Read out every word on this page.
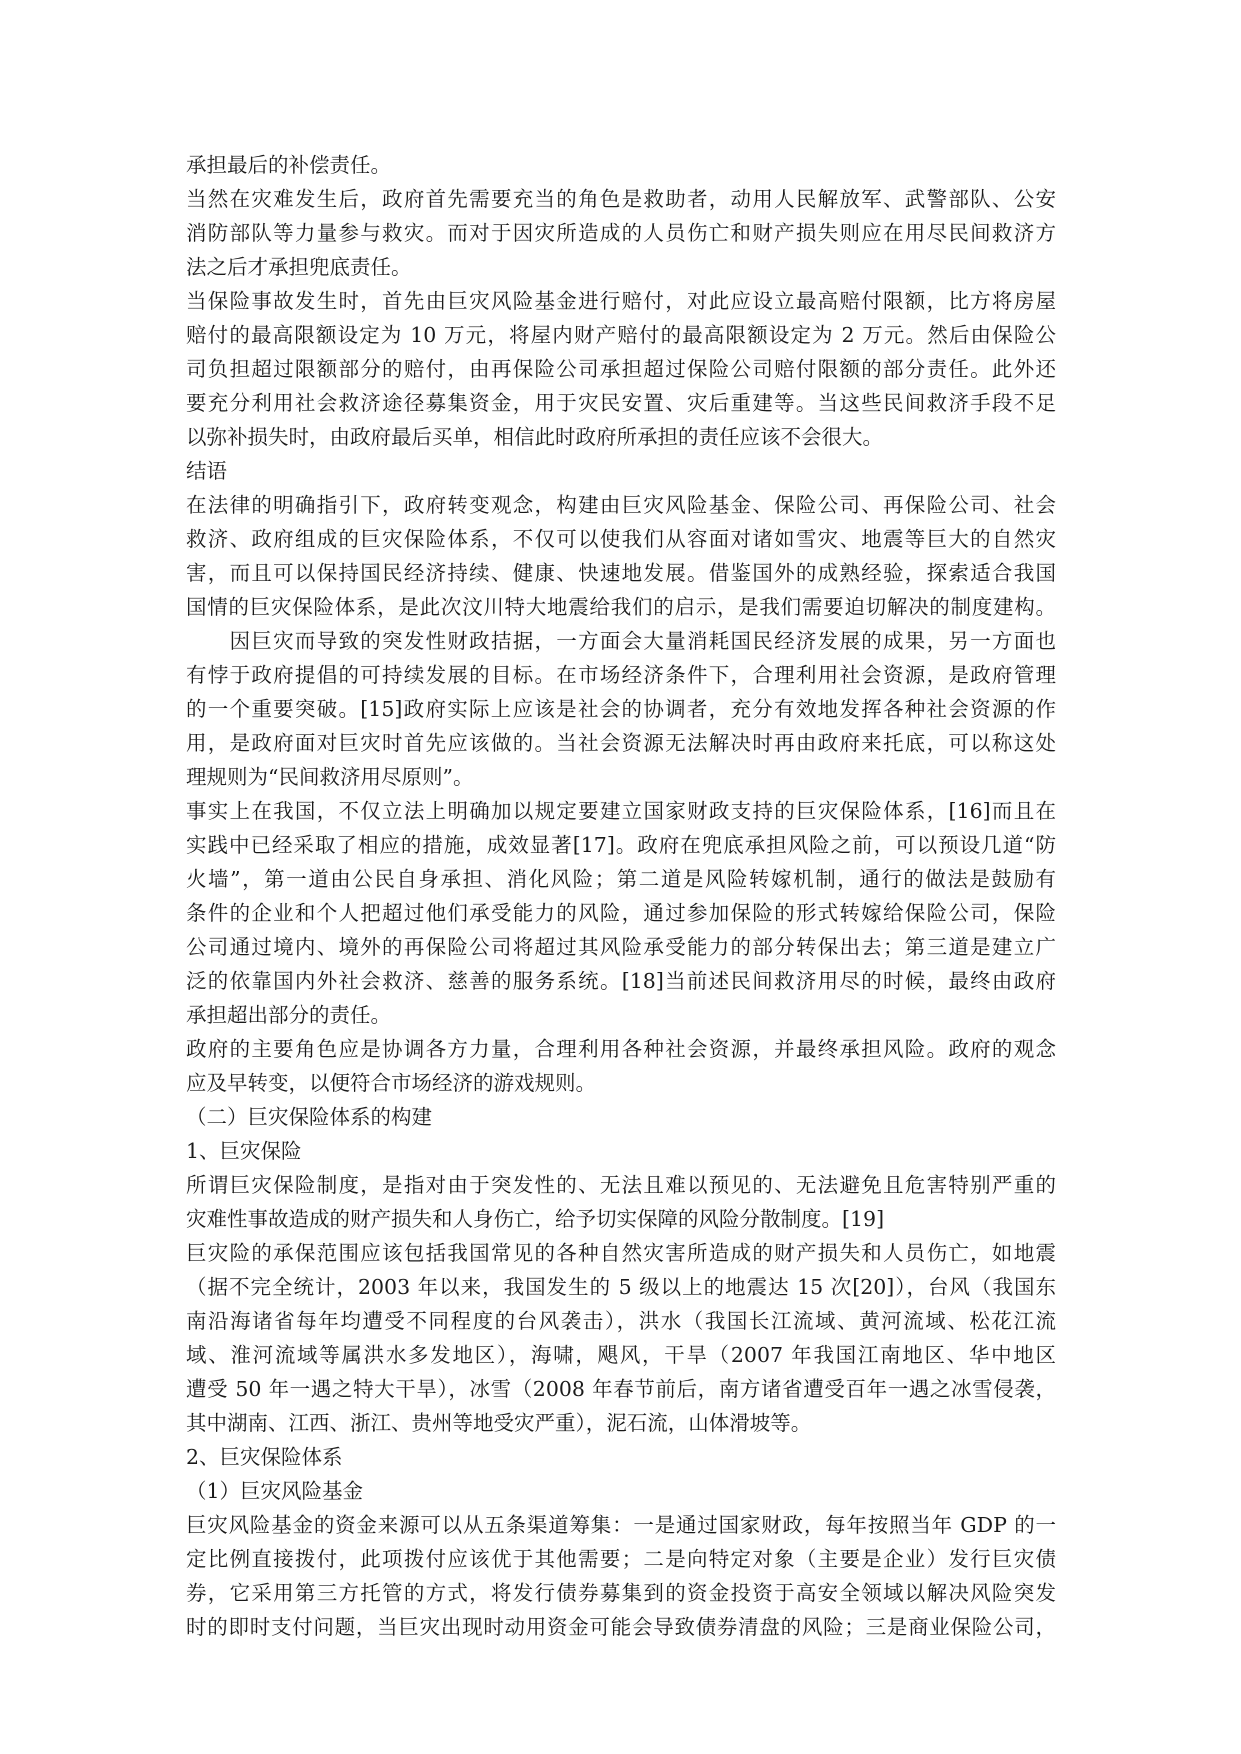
承担最后的补偿责任。
当然在灾难发生后，政府首先需要充当的角色是救助者，动用人民解放军、武警部队、公安
消防部队等力量参与救灾。而对于因灾所造成的人员伤亡和财产损失则应在用尽民间救济方
法之后才承担兜底责任。
当保险事故发生时，首先由巨灾风险基金进行赔付，对此应设立最高赔付限额，比方将房屋
赔付的最高限额设定为 10 万元，将屋内财产赔付的最高限额设定为 2 万元。然后由保险公
司负担超过限额部分的赔付，由再保险公司承担超过保险公司赔付限额的部分责任。此外还
要充分利用社会救济途径募集资金，用于灾民安置、灾后重建等。当这些民间救济手段不足
以弥补损失时，由政府最后买单，相信此时政府所承担的责任应该不会很大。
结语
在法律的明确指引下，政府转变观念，构建由巨灾风险基金、保险公司、再保险公司、社会
救济、政府组成的巨灾保险体系，不仅可以使我们从容面对诸如雪灾、地震等巨大的自然灾
害，而且可以保持国民经济持续、健康、快速地发展。借鉴国外的成熟经验，探索适合我国
国情的巨灾保险体系，是此次汶川特大地震给我们的启示，是我们需要迫切解决的制度建构。
　　因巨灾而导致的突发性财政拮据，一方面会大量消耗国民经济发展的成果，另一方面也
有悖于政府提倡的可持续发展的目标。在市场经济条件下，合理利用社会资源，是政府管理
的一个重要突破。[15]政府实际上应该是社会的协调者，充分有效地发挥各种社会资源的作
用，是政府面对巨灾时首先应该做的。当社会资源无法解决时再由政府来托底，可以称这处
理规则为“民间救济用尽原则”。
事实上在我国，不仅立法上明确加以规定要建立国家财政支持的巨灾保险体系，[16]而且在
实践中已经采取了相应的措施，成效显著[17]。政府在兜底承担风险之前，可以预设几道“防
火墙”，第一道由公民自身承担、消化风险；第二道是风险转嫁机制，通行的做法是鼓励有
条件的企业和个人把超过他们承受能力的风险，通过参加保险的形式转嫁给保险公司，保险
公司通过境内、境外的再保险公司将超过其风险承受能力的部分转保出去；第三道是建立广
泛的依靠国内外社会救济、慈善的服务系统。[18]当前述民间救济用尽的时候，最终由政府
承担超出部分的责任。
政府的主要角色应是协调各方力量，合理利用各种社会资源，并最终承担风险。政府的观念
应及早转变，以便符合市场经济的游戏规则。
（二）巨灾保险体系的构建
1、巨灾保险
所谓巨灾保险制度，是指对由于突发性的、无法且难以预见的、无法避免且危害特别严重的
灾难性事故造成的财产损失和人身伤亡，给予切实保障的风险分散制度。[19]
巨灾险的承保范围应该包括我国常见的各种自然灾害所造成的财产损失和人员伤亡，如地震
（据不完全统计，2003 年以来，我国发生的 5 级以上的地震达 15 次[20]），台风（我国东
南沿海诸省每年均遭受不同程度的台风袭击），洪水（我国长江流域、黄河流域、松花江流
域、淮河流域等属洪水多发地区），海啸，飓风，干旱（2007 年我国江南地区、华中地区
遭受 50 年一遇之特大干旱），冰雪（2008 年春节前后，南方诸省遭受百年一遇之冰雪侵袭，
其中湖南、江西、浙江、贵州等地受灾严重），泥石流，山体滑坡等。
2、巨灾保险体系
（1）巨灾风险基金
巨灾风险基金的资金来源可以从五条渠道筹集：一是通过国家财政，每年按照当年 GDP 的一
定比例直接拨付，此项拨付应该优于其他需要；二是向特定对象（主要是企业）发行巨灾债
券，它采用第三方托管的方式，将发行债券募集到的资金投资于高安全领域以解决风险突发
时的即时支付问题，当巨灾出现时动用资金可能会导致债券清盘的风险；三是商业保险公司，
